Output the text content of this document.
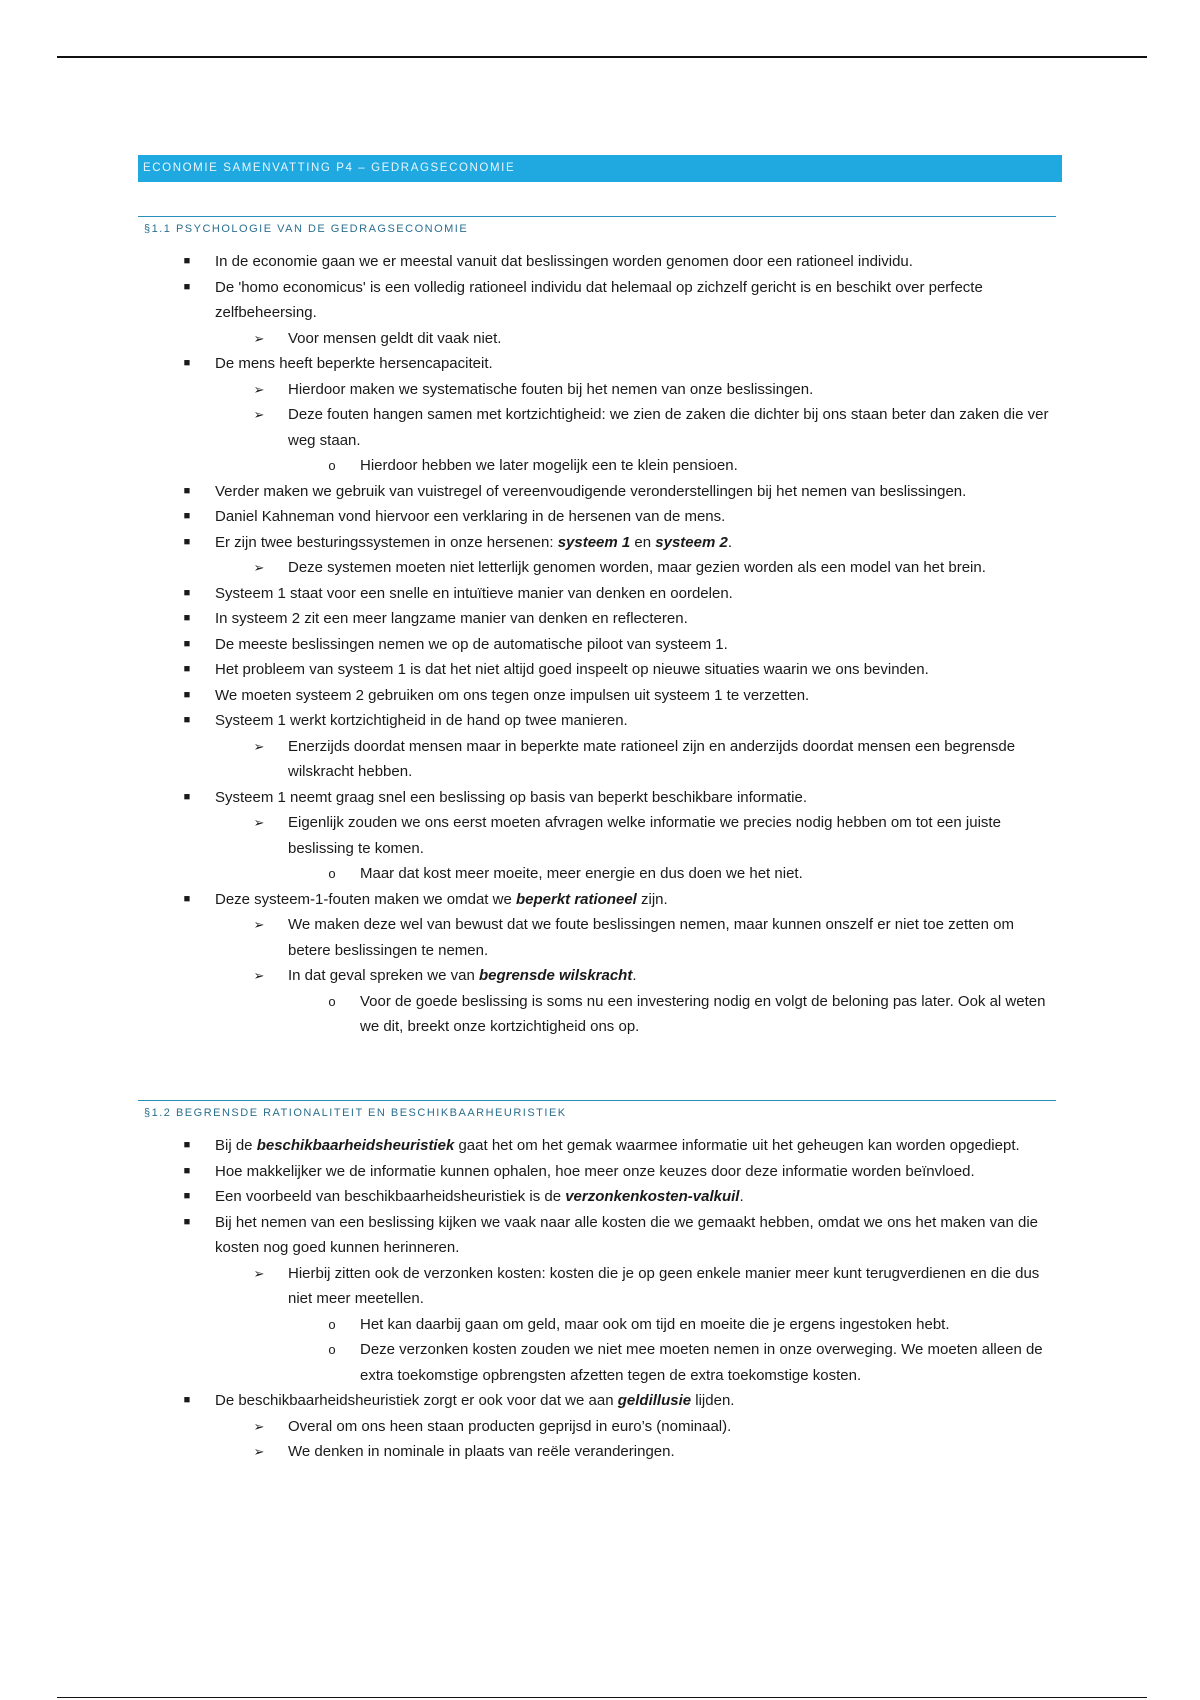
ECONOMIE SAMENVATTING P4 – GEDRAGSECONOMIE
§1.1 PSYCHOLOGIE VAN DE GEDRAGSECONOMIE
■ In de economie gaan we er meestal vanuit dat beslissingen worden genomen door een rationeel individu.
■ De 'homo economicus' is een volledig rationeel individu dat helemaal op zichzelf gericht is en beschikt over perfecte zelfbeheersing.
➢ Voor mensen geldt dit vaak niet.
■ De mens heeft beperkte hersencapaciteit.
➢ Hierdoor maken we systematische fouten bij het nemen van onze beslissingen.
➢ Deze fouten hangen samen met kortzichtigheid: we zien de zaken die dichter bij ons staan beter dan zaken die ver weg staan.
o Hierdoor hebben we later mogelijk een te klein pensioen.
■ Verder maken we gebruik van vuistregel of vereenvoudigende veronderstellingen bij het nemen van beslissingen.
■ Daniel Kahneman vond hiervoor een verklaring in de hersenen van de mens.
■ Er zijn twee besturingssystemen in onze hersenen: systeem 1 en systeem 2.
➢ Deze systemen moeten niet letterlijk genomen worden, maar gezien worden als een model van het brein.
■ Systeem 1 staat voor een snelle en intuïtieve manier van denken en oordelen.
■ In systeem 2 zit een meer langzame manier van denken en reflecteren.
■ De meeste beslissingen nemen we op de automatische piloot van systeem 1.
■ Het probleem van systeem 1 is dat het niet altijd goed inspeelt op nieuwe situaties waarin we ons bevinden.
■ We moeten systeem 2 gebruiken om ons tegen onze impulsen uit systeem 1 te verzetten.
■ Systeem 1 werkt kortzichtigheid in de hand op twee manieren.
➢ Enerzijds doordat mensen maar in beperkte mate rationeel zijn en anderzijds doordat mensen een begrensde wilskracht hebben.
■ Systeem 1 neemt graag snel een beslissing op basis van beperkt beschikbare informatie.
➢ Eigenlijk zouden we ons eerst moeten afvragen welke informatie we precies nodig hebben om tot een juiste beslissing te komen.
o Maar dat kost meer moeite, meer energie en dus doen we het niet.
■ Deze systeem-1-fouten maken we omdat we beperkt rationeel zijn.
➢ We maken deze wel van bewust dat we foute beslissingen nemen, maar kunnen onszelf er niet toe zetten om betere beslissingen te nemen.
➢ In dat geval spreken we van begrensde wilskracht.
o Voor de goede beslissing is soms nu een investering nodig en volgt de beloning pas later. Ook al weten we dit, breekt onze kortzichtigheid ons op.
§1.2 BEGRENSDE RATIONALITEIT EN BESCHIKBAARHEURISTIEK
■ Bij de beschikbaarheidsheuristiek gaat het om het gemak waarmee informatie uit het geheugen kan worden opgediept.
■ Hoe makkelijker we de informatie kunnen ophalen, hoe meer onze keuzes door deze informatie worden beïnvloed.
■ Een voorbeeld van beschikbaarheidsheuristiek is de verzonkenkosten-valkuil.
■ Bij het nemen van een beslissing kijken we vaak naar alle kosten die we gemaakt hebben, omdat we ons het maken van die kosten nog goed kunnen herinneren.
➢ Hierbij zitten ook de verzonken kosten: kosten die je op geen enkele manier meer kunt terugverdienen en die dus niet meer meetellen.
o Het kan daarbij gaan om geld, maar ook om tijd en moeite die je ergens ingestoken hebt.
o Deze verzonken kosten zouden we niet mee moeten nemen in onze overweging. We moeten alleen de extra toekomstige opbrengsten afzetten tegen de extra toekomstige kosten.
■ De beschikbaarheidsheuristiek zorgt er ook voor dat we aan geldillusie lijden.
➢ Overal om ons heen staan producten geprijsd in euro’s (nominaal).
➢ We denken in nominale in plaats van reële veranderingen.
